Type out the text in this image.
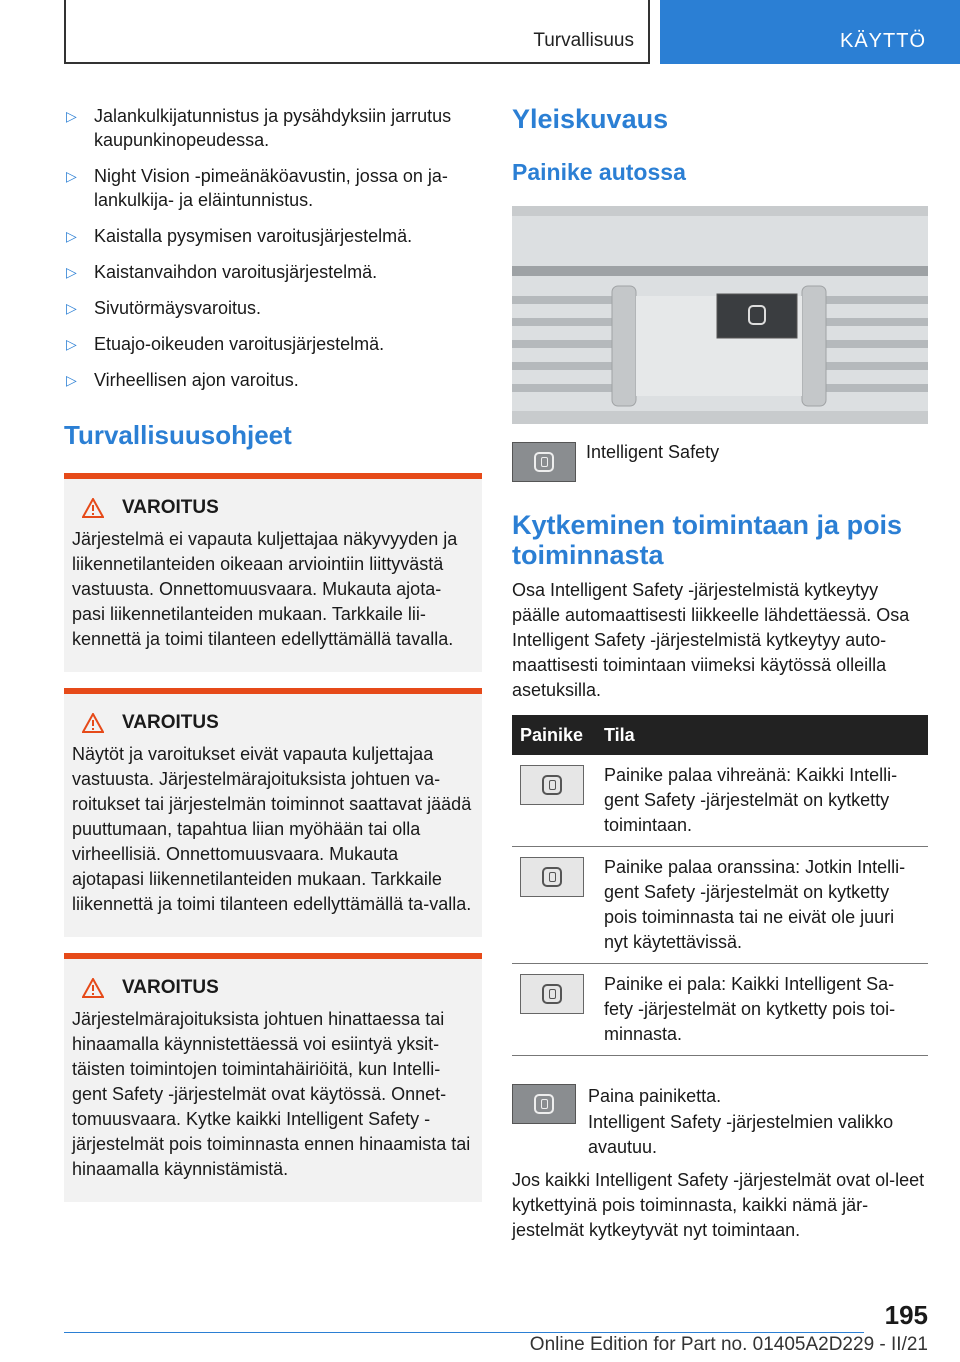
Turvallisuus	KÄYTTÖ
▷ Jalankulkijatunnistus ja pysähdyksiin jarrutus kaupunkinopeudessa.
▷ Night Vision -pimeänäköavustin, jossa on ja-lankulkija- ja eläintunnistus.
▷ Kaistalla pysymisen varoitusjärjestelmä.
▷ Kaistanvaihdon varoitusjärjestelmä.
▷ Sivutörmäysvaroitus.
▷ Etuajo-oikeuden varoitusjärjestelmä.
▷ Virheellisen ajon varoitus.
Turvallisuusohjeet
VAROITUS

Järjestelmä ei vapauta kuljettajaa näkyvyyden ja liikennetilanteiden oikeaan arviointiin liittyvästä vastuusta. Onnettomuusvaara. Mukauta ajota-pasi liikennetilanteiden mukaan. Tarkkaile lii-kennettä ja toimi tilanteen edellyttämällä tavalla.

VAROITUS

Näytöt ja varoitukset eivät vapauta kuljettajaa vastuusta. Järjestelmärajoituksista johtuen va-roitukset tai järjestelmän toiminnot saattavat jäädä puuttumaan, tapahtua liian myöhään tai olla virheellisiä. Onnettomuusvaara. Mukauta ajotapasi liikennetilanteiden mukaan. Tarkkaile liikennettä ja toimi tilanteen edellyttämällä ta-valla.

VAROITUS

Järjestelmärajoituksista johtuen hinattaessa tai hinaamalla käynnistettäessä voi esiintyä yksit-täisten toimintojen toimintahäiriöitä, kun Intelli-gent Safety -järjestelmät ovat käytössä. Onnet-tomuusvaara. Kytke kaikki Intelligent Safety -järjestelmät pois toiminnasta ennen hinaamista tai hinaamalla käynnistämistä.

Yleiskuvaus
Painike autossa
Intelligent Safety
Kytkeminen toimintaan ja pois toiminnasta

Osa Intelligent Safety -järjestelmistä kytkeytyy päälle automaattisesti liikkeelle lähdettäessä. Osa Intelligent Safety -järjestelmistä kytkeytyy auto-maattisesti toimintaan viimeksi käytössä olleilla asetuksilla.

Painike	Tila

	Painike palaa vihreänä: Kaikki Intelli-gent Safety -järjestelmät on kytketty toimintaan.

	Painike palaa oranssina: Jotkin Intelli-gent Safety -järjestelmät on kytketty pois toiminnasta tai ne eivät ole juuri nyt käytettävissä.

	Painike ei pala: Kaikki Intelligent Sa-fety -järjestelmät on kytketty pois toi-minnasta.
Paina painiketta.

Intelligent Safety -järjestelmien valikko avautuu.

Jos kaikki Intelligent Safety -järjestelmät ovat ol-leet kytkettyinä pois toiminnasta, kaikki nämä jär-jestelmät kytkeytyvät nyt toimintaan.

195
Online Edition for Part no. 01405A2D229 - II/21
